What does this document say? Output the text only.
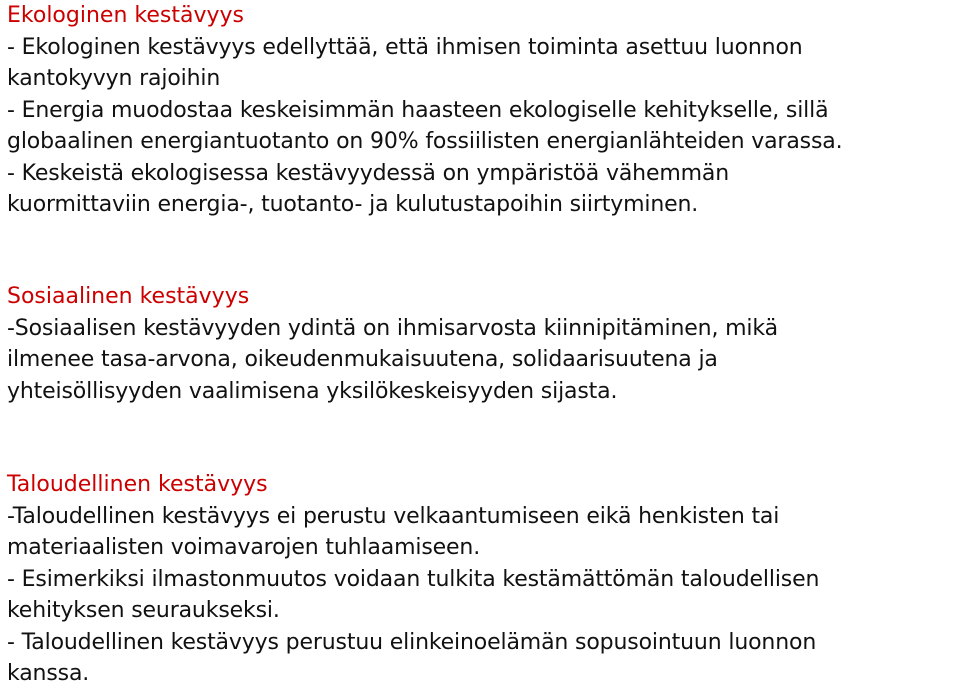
Ekologinen kestävyys

- Ekologinen kestävyys edellyttää, että ihmisen toiminta asettuu luonnon

kantokyvyn rajoihin

- Energia muodostaa keskeisimmän haasteen ekologiselle kehitykselle, sillä

globaalinen energiantuotanto on 90% fossiilisten energianlähteiden varassa.

- Keskeistä ekologisessa kestävyydessä on ympäristöä vähemmän

kuormittaviin energia-, tuotanto- ja kulutustapoihin siirtyminen.

Sosiaalinen kestävyys

-Sosiaalisen kestävyyden ydintä on ihmisarvosta kiinnipitäminen, mikä

ilmenee tasa-arvona, oikeudenmukaisuutena, solidaarisuutena ja

yhteisöllisyyden vaalimisena yksilökeskeisyyden sijasta.

Taloudellinen kestävyys

-Taloudellinen kestävyys ei perustu velkaantumiseen eikä henkisten tai

materiaalisten voimavarojen tuhlaamiseen.

- Esimerkiksi ilmastonmuutos voidaan tulkita kestämättömän taloudellisen

kehityksen seuraukseksi.

- Taloudellinen kestävyys perustuu elinkeinoelämän sopusointuun luonnon

kanssa.
